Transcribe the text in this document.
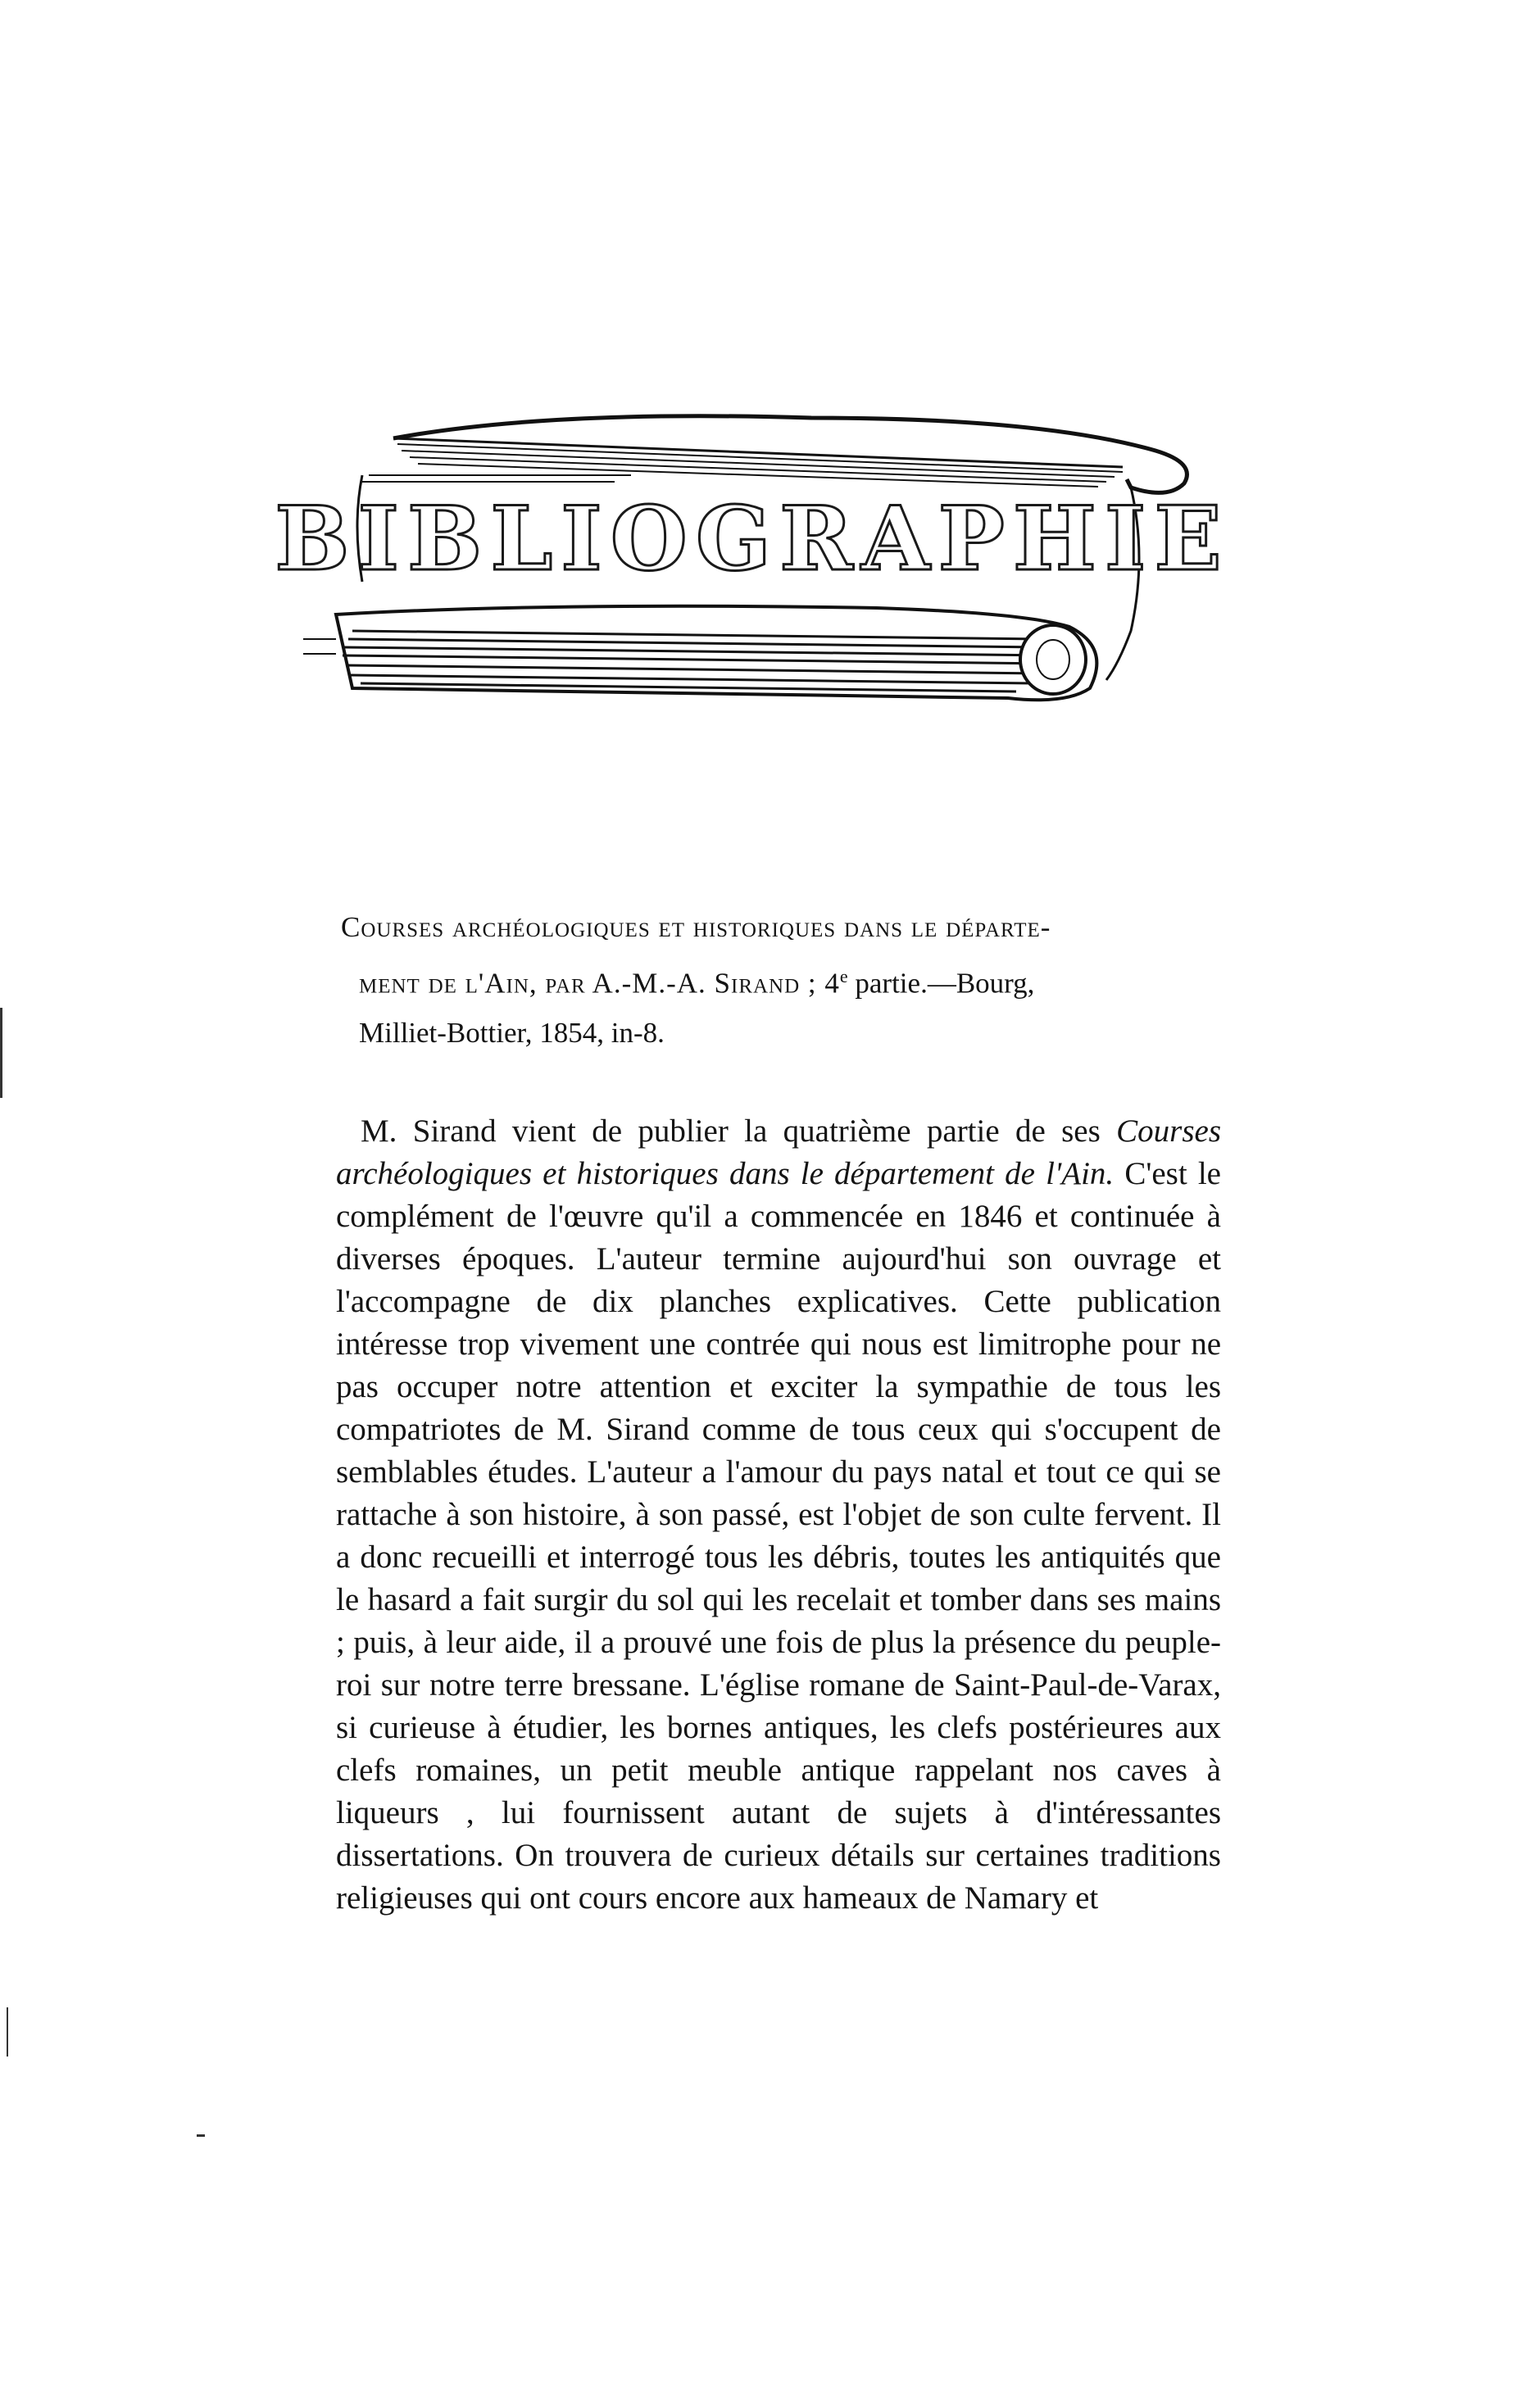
BIBLIOGRAPHIE
Courses archéologiques et historiques dans le départe-
ment de l'Ain, par A.-M.-A. Sirand ; 4e partie.—Bourg,
Milliet-Bottier, 1854, in-8.

M. Sirand vient de publier la quatrième partie de ses Courses archéologiques et historiques dans le département de l'Ain. C'est le complément de l'œuvre qu'il a commencée en 1846 et continuée à diverses époques. L'auteur termine aujourd'hui son ouvrage et l'accompagne de dix planches explicatives. Cette publication intéresse trop vivement une contrée qui nous est limitrophe pour ne pas occuper notre attention et exciter la sympathie de tous les compatriotes de M. Sirand comme de tous ceux qui s'occupent de semblables études. L'auteur a l'amour du pays natal et tout ce qui se rattache à son histoire, à son passé, est l'objet de son culte fervent. Il a donc recueilli et interrogé tous les débris, toutes les antiquités que le hasard a fait surgir du sol qui les recelait et tomber dans ses mains ; puis, à leur aide, il a prouvé une fois de plus la présence du peuple-roi sur notre terre bressane. L'église romane de Saint-Paul-de-Varax, si curieuse à étudier, les bornes antiques, les clefs postérieures aux clefs romaines, un petit meuble antique rappelant nos caves à liqueurs , lui fournissent autant de sujets à d'intéressantes dissertations. On trouvera de curieux détails sur certaines traditions religieuses qui ont cours encore aux hameaux de Namary et
